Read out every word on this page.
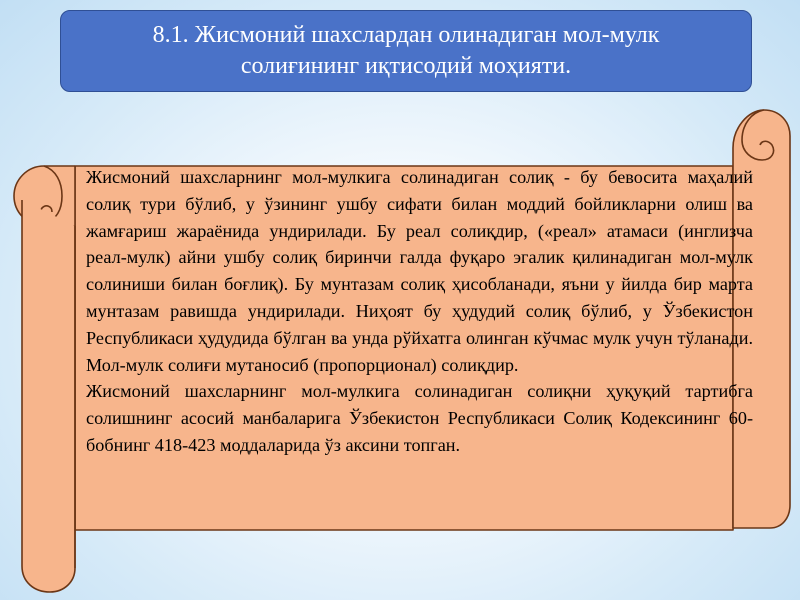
8.1. Жисмоний шахслардан олинадиган мол-мулк солиғининг иқтисодий моҳияти.

Жисмоний шахсларнинг мол-мулкига солинадиган солиқ - бу бевосита маҳалий солиқ тури бўлиб, у ўзининг ушбу сифати билан моддий бойликларни олиш ва жамғариш жараёнида ундирилади. Бу реал солиқдир, («реал» атамаси (инглизча реал-мулк) айни ушбу солиқ биринчи галда фуқаро эгалик қилинадиган мол-мулк солиниши билан боғлиқ). Бу мунтазам солиқ ҳисобланади, яъни у йилда бир марта мунтазам равишда ундирилади. Ниҳоят бу ҳудудий солиқ бўлиб, у Ўзбекистон Республикаси ҳудудида бўлган ва унда рўйхатга олинган кўчмас мулк учун тўланади. Мол-мулк солиғи мутаносиб (пропорционал) солиқдир.

Жисмоний шахсларнинг мол-мулкига солинадиган солиқни ҳуқуқий тартибга солишнинг асосий манбаларига Ўзбекистон Республикаси Солиқ Кодексининг 60- бобнинг 418-423 моддаларида ўз аксини топган.
